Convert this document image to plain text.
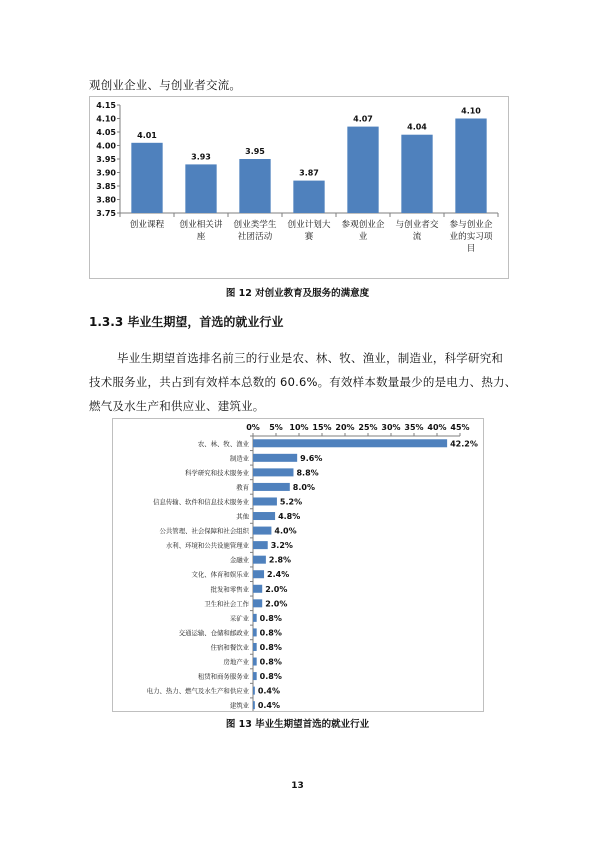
观创业企业、与创业者交流。
3.75
3.80
3.85
3.90
3.95
4.00
4.05
4.10
4.15
4.01
创业课程
3.93
创业相关讲
座
3.95
创业类学生
社团活动
3.87
创业计划大
赛
4.07
参观创业企
业
4.04
与创业者交
流
4.10
参与创业企
业的实习项
目
图 12 对创业教育及服务的满意度
1.3.3 毕业生期望，首选的就业行业
毕业生期望首选排名前三的行业是农、林、牧、渔业，制造业，科学研究和
技术服务业，共占到有效样本总数的 60.6%。有效样本数量最少的是电力、热力、
燃气及水生产和供应业、建筑业。
0% 5% 10% 15% 20% 25% 30% 35% 40% 45%
农、林、牧、渔业	42.2%
制造业	9.6%
科学研究和技术服务业	8.8%
教育	8.0%
信息传输、软件和信息技术服务业	5.2%
其他	4.8%
公共管理、社会保障和社会组织	4.0%
水利、环境和公共设施管理业	3.2%
金融业 2.8%
文化、体育和娱乐业 2.4%
批发和零售业 2.0%
卫生和社会工作 2.0%
采矿业 0.8%
交通运输、仓储和邮政业 0.8%
住宿和餐饮业 0.8%
房地产业 0.8%
租赁和商务服务业 0.8%
电力、热力、燃气及水生产和供应业 0.4%
建筑业 0.4%
图 13 毕业生期望首选的就业行业
13
